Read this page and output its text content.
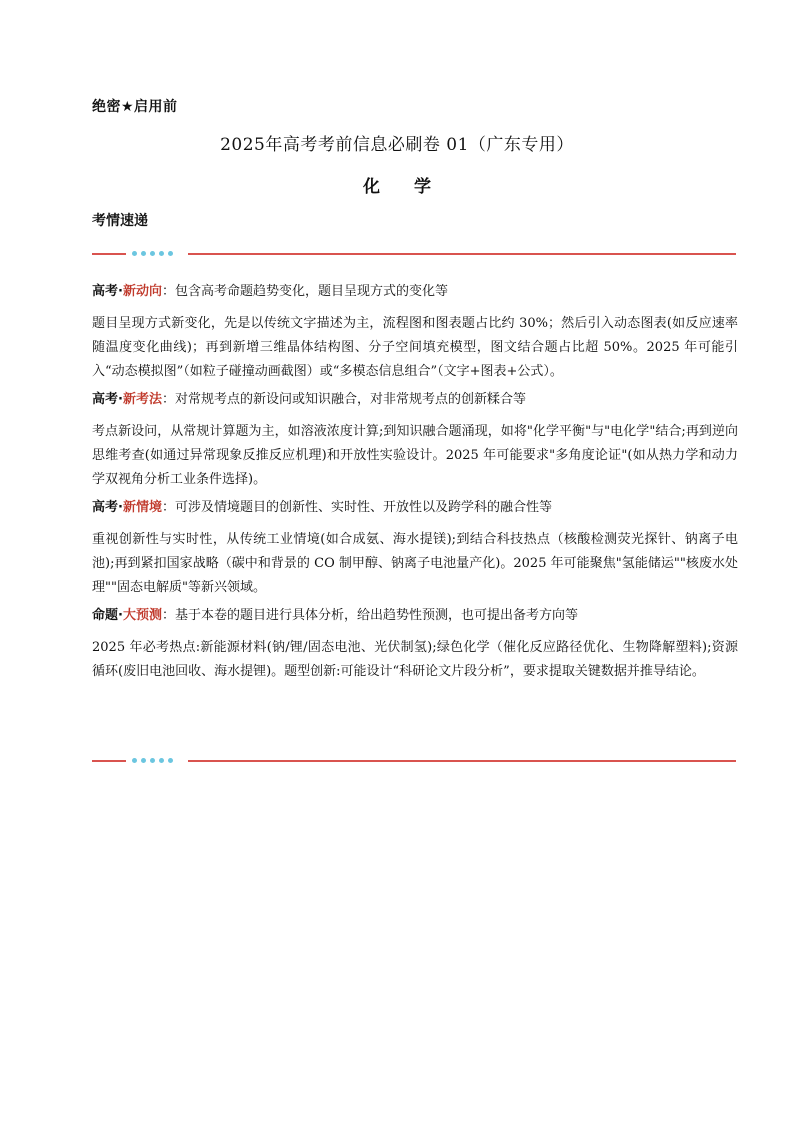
绝密★启用前
2025年高考考前信息必刷卷 01（广东专用）
化 学
考情速递
高考·新动向：包含高考命题趋势变化，题目呈现方式的变化等
题目呈现方式新变化，先是以传统文字描述为主，流程图和图表题占比约 30%；然后引入动态图表(如反应速率随温度变化曲线)；再到新增三维晶体结构图、分子空间填充模型，图文结合题占比超 50%。2025 年可能引入“动态模拟图”（如粒子碰撞动画截图）或“多模态信息组合”（文字+图表+公式）。
高考·新考法：对常规考点的新设问或知识融合，对非常规考点的创新糅合等
考点新设问，从常规计算题为主，如溶液浓度计算;到知识融合题涌现，如将"化学平衡"与"电化学"结合;再到逆向思维考查(如通过异常现象反推反应机理)和开放性实验设计。2025 年可能要求"多角度论证"(如从热力学和动力学双视角分析工业条件选择)。
高考·新情境：可涉及情境题目的创新性、实时性、开放性以及跨学科的融合性等
重视创新性与实时性，从传统工业情境(如合成氨、海水提镁);到结合科技热点（核酸检测荧光探针、钠离子电池);再到紧扣国家战略（碳中和背景的 CO 制甲醇、钠离子电池量产化)。2025 年可能聚焦"氢能储运""核废水处理""固态电解质"等新兴领域。
命题·大预测：基于本卷的题目进行具体分析，给出趋势性预测，也可提出备考方向等
2025 年必考热点:新能源材料(钠/锂/固态电池、光伏制氢);绿色化学（催化反应路径优化、生物降解塑料);资源循环(废旧电池回收、海水提锂)。题型创新:可能设计“科研论文片段分析”，要求提取关键数据并推导结论。
